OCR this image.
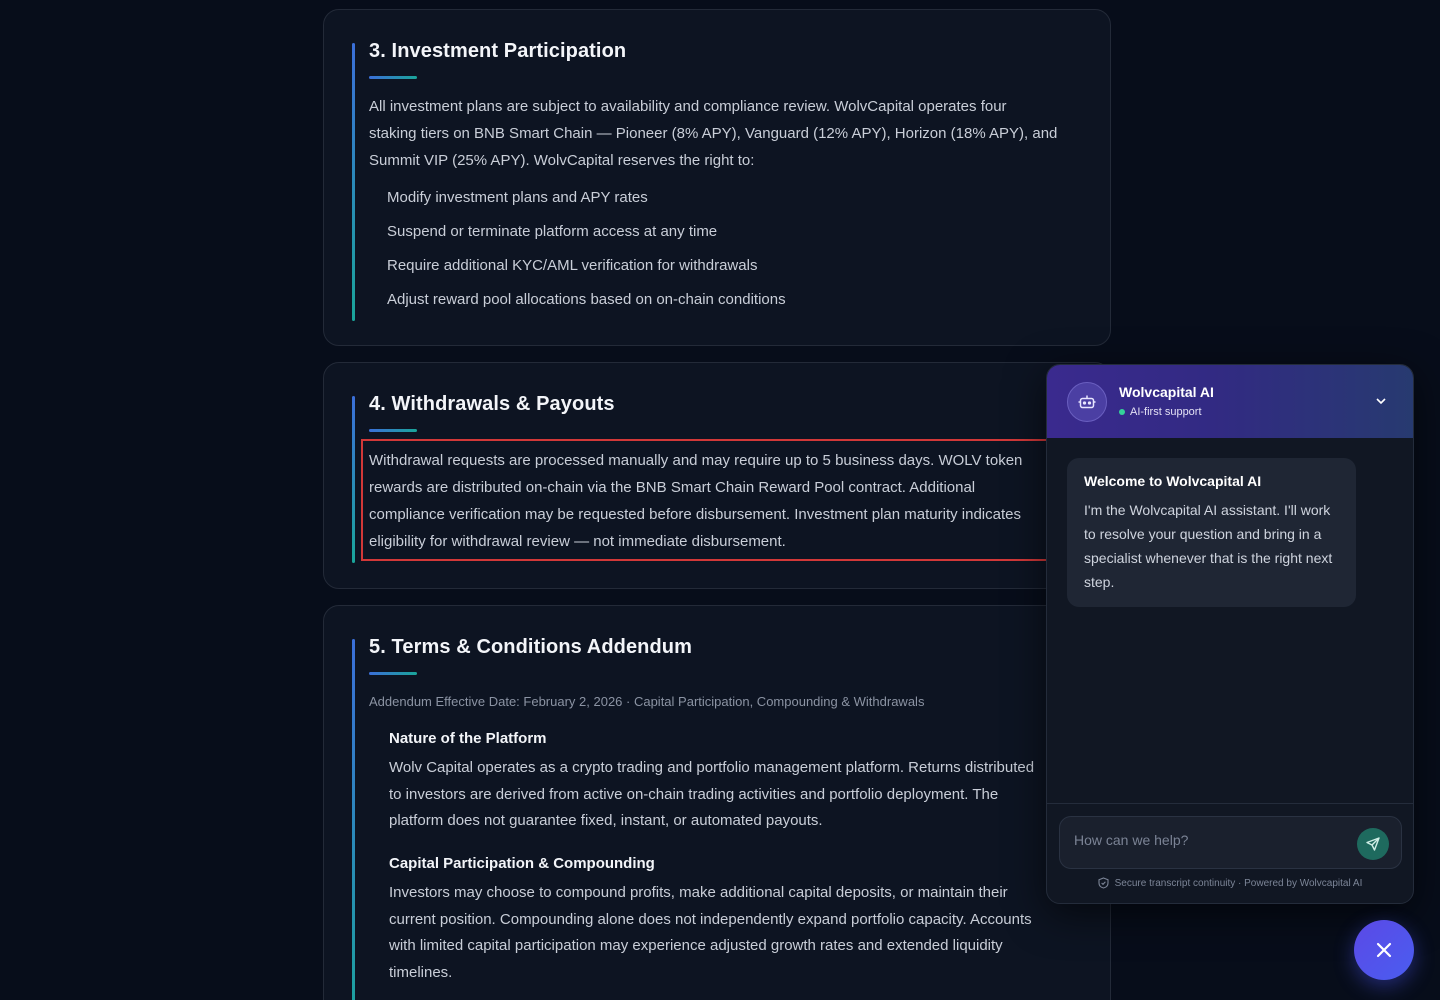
3. Investment Participation
All investment plans are subject to availability and compliance review. WolvCapital operates four
staking tiers on BNB Smart Chain — Pioneer (8% APY), Vanguard (12% APY), Horizon (18% APY), and
Summit VIP (25% APY). WolvCapital reserves the right to:
Modify investment plans and APY rates
Suspend or terminate platform access at any time
Require additional KYC/AML verification for withdrawals
Adjust reward pool allocations based on on-chain conditions
4. Withdrawals & Payouts
Withdrawal requests are processed manually and may require up to 5 business days. WOLV token
rewards are distributed on-chain via the BNB Smart Chain Reward Pool contract. Additional
compliance verification may be requested before disbursement. Investment plan maturity indicates
eligibility for withdrawal review — not immediate disbursement.
5. Terms & Conditions Addendum
Addendum Effective Date: February 2, 2026 · Capital Participation, Compounding & Withdrawals
Nature of the Platform
Wolv Capital operates as a crypto trading and portfolio management platform. Returns distributed
to investors are derived from active on-chain trading activities and portfolio deployment. The
platform does not guarantee fixed, instant, or automated payouts.
Capital Participation & Compounding
Investors may choose to compound profits, make additional capital deposits, or maintain their
current position. Compounding alone does not independently expand portfolio capacity. Accounts
with limited capital participation may experience adjusted growth rates and extended liquidity
timelines.
Wolvcapital AI
AI-first support
Welcome to Wolvcapital AI
I'm the Wolvcapital AI assistant. I'll work to resolve your question and bring in a specialist whenever that is the right next step.
How can we help?
Secure transcript continuity · Powered by Wolvcapital AI
